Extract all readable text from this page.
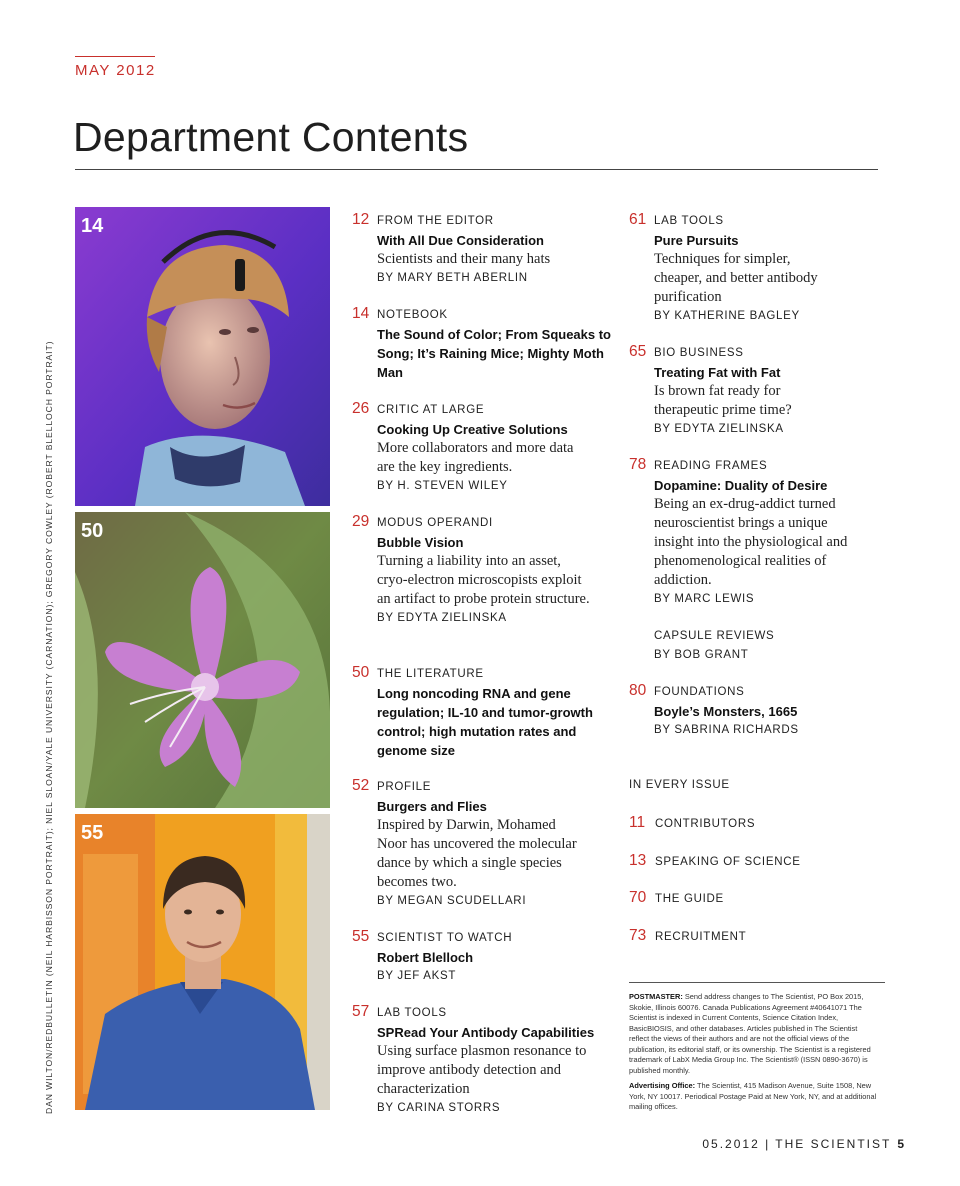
MAY 2012
Department Contents
DAN WILTON/REDBULLETIN (NEIL HARBISSON PORTRAIT); NIEL SLOAN/YALE UNIVERSITY (CARNATION); GREGORY COWLEY (ROBERT BLELLOCH PORTRAIT)
14
50
55
12 FROM THE EDITOR
With All Due Consideration
Scientists and their many hats
BY MARY BETH ABERLIN
14 NOTEBOOK
The Sound of Color; From Squeaks to Song; It’s Raining Mice; Mighty Moth Man
26 CRITIC AT LARGE
Cooking Up Creative Solutions
More collaborators and more data are the key ingredients.
BY H. STEVEN WILEY
29 MODUS OPERANDI
Bubble Vision
Turning a liability into an asset, cryo-electron microscopists exploit an artifact to probe protein structure.
BY EDYTA ZIELINSKA
50 THE LITERATURE
Long noncoding RNA and gene regulation; IL-10 and tumor-growth control; high mutation rates and genome size
52 PROFILE
Burgers and Flies
Inspired by Darwin, Mohamed Noor has uncovered the molecular dance by which a single species becomes two.
BY MEGAN SCUDELLARI
55 SCIENTIST TO WATCH
Robert Blelloch
BY JEF AKST
57 LAB TOOLS
SPRead Your Antibody Capabilities
Using surface plasmon resonance to improve antibody detection and characterization
BY CARINA STORRS
61 LAB TOOLS
Pure Pursuits
Techniques for simpler, cheaper, and better antibody purification
BY KATHERINE BAGLEY
65 BIO BUSINESS
Treating Fat with Fat
Is brown fat ready for therapeutic prime time?
BY EDYTA ZIELINSKA
78 READING FRAMES
Dopamine: Duality of Desire
Being an ex-drug-addict turned neuroscientist brings a unique insight into the physiological and phenomenological realities of addiction.
BY MARC LEWIS
CAPSULE REVIEWS
BY BOB GRANT
80 FOUNDATIONS
Boyle’s Monsters, 1665
BY SABRINA RICHARDS
IN EVERY ISSUE
11 CONTRIBUTORS
13 SPEAKING OF SCIENCE
70 THE GUIDE
73 RECRUITMENT
POSTMASTER: Send address changes to The Scientist, PO Box 2015, Skokie, Illinois 60076. Canada Publications Agreement #40641071 The Scientist is indexed in Current Contents, Science Citation Index, BasicBIOSIS, and other databases. Articles published in The Scientist reflect the views of their authors and are not the official views of the publication, its editorial staff, or its ownership. The Scientist is a registered trademark of LabX Media Group Inc. The Scientist® (ISSN 0890-3670) is published monthly.
Advertising Office: The Scientist, 415 Madison Avenue, Suite 1508, New York, NY 10017. Periodical Postage Paid at New York, NY, and at additional mailing offices.
05.2012 | THE SCIENTIST 5
